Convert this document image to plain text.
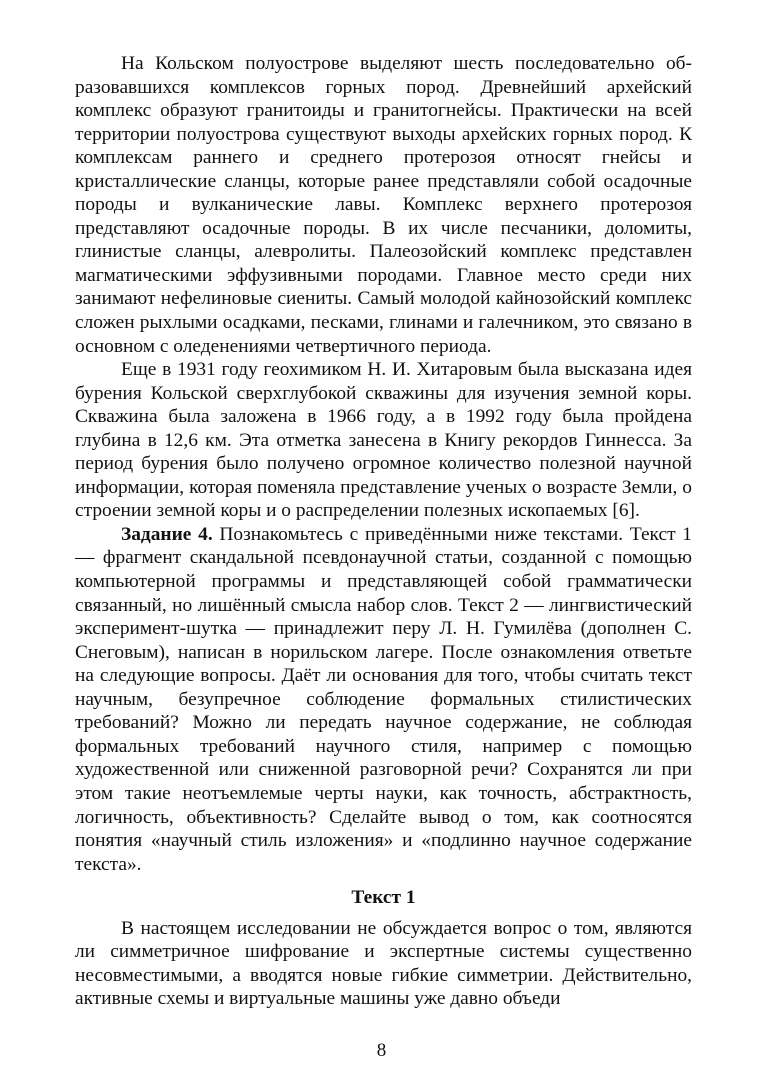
На Кольском полуострове выделяют шесть последовательно образовавшихся комплексов горных пород. Древнейший архейский комплекс образуют гранитоиды и гранитогнейсы. Практически на всей территории полуострова существуют выходы архейских горных пород. К комплексам раннего и среднего протерозоя относят гнейсы и кристаллические сланцы, которые ранее представляли собой осадочные породы и вулканические лавы. Комплекс верхнего протерозоя представляют осадочные породы. В их числе песчаники, доломиты, глинистые сланцы, алевролиты. Палеозойский комплекс представлен магматическими эффузивными породами. Главное место среди них занимают нефелиновые сиениты. Самый молодой кайнозойский комплекс сложен рыхлыми осадками, песками, глинами и галечником, это связано в основном с оледенениями четвертичного периода.

Еще в 1931 году геохимиком Н. И. Хитаровым была высказана идея бурения Кольской сверхглубокой скважины для изучения земной коры. Скважина была заложена в 1966 году, а в 1992 году была пройдена глубина в 12,6 км. Эта отметка занесена в Книгу рекордов Гиннесса. За период бурения было получено огромное количество полезной научной информации, которая поменяла представление ученых о возрасте Земли, о строении земной коры и о распределении полезных ископаемых [6].

Задание 4. Познакомьтесь с приведёнными ниже текстами. Текст 1 — фрагмент скандальной псевдонаучной статьи, созданной с помощью компьютерной программы и представляющей собой грамматически связанный, но лишённый смысла набор слов. Текст 2 — лингвистический эксперимент-шутка — принадлежит перу Л. Н. Гумилёва (дополнен С. Снеговым), написан в норильском лагере. После ознакомления ответьте на следующие вопросы. Даёт ли основания для того, чтобы считать текст научным, безупречное соблюдение формальных стилистических требований? Можно ли передать научное содержание, не соблюдая формальных требований научного стиля, например с помощью художественной или сниженной разговорной речи? Сохранятся ли при этом такие неотъемлемые черты науки, как точность, абстрактность, логичность, объективность? Сделайте вывод о том, как соотносятся понятия «научный стиль изложения» и «подлинно научное содержание текста».

Текст 1

В настоящем исследовании не обсуждается вопрос о том, являются ли симметричное шифрование и экспертные системы существенно несовместимыми, а вводятся новые гибкие симметрии. Действительно, активные схемы и виртуальные машины уже давно объеди

8
